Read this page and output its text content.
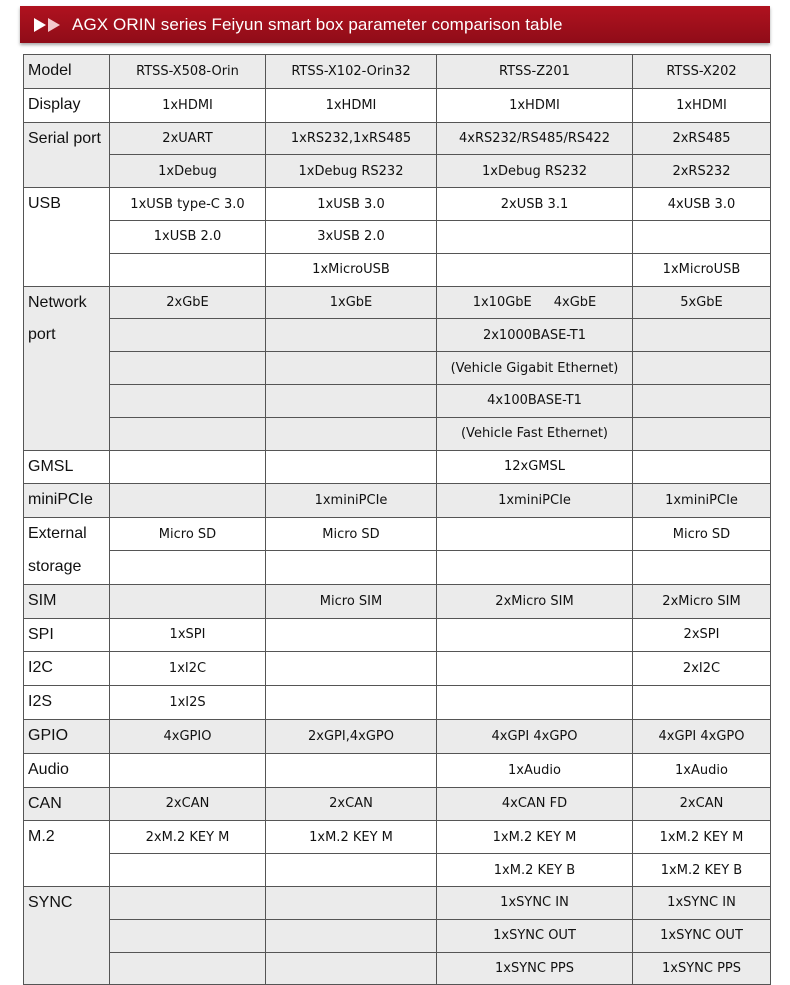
AGX ORIN series Feiyun smart box parameter comparison table
Model	RTSS-X508-Orin	RTSS-X102-Orin32	RTSS-Z201	RTSS-X202
Display	1xHDMI	1xHDMI	1xHDMI	1xHDMI
Serial port	2xUART	1xRS232,1xRS485	4xRS232/RS485/RS422	2xRS485
	1xDebug	1xDebug RS232	1xDebug RS232	2xRS232
USB	1xUSB type-C 3.0	1xUSB 3.0	2xUSB 3.1	4xUSB 3.0
	1xUSB 2.0	3xUSB 2.0		
		1xMicroUSB		1xMicroUSB
Network
port	2xGbE	1xGbE	1x10GbE 4xGbE	5xGbE
			2x1000BASE-T1	
			(Vehicle Gigabit Ethernet)	
			4x100BASE-T1	
			(Vehicle Fast Ethernet)	
GMSL			12xGMSL	
miniPCIe		1xminiPCIe	1xminiPCIe	1xminiPCIe
External
storage	Micro SD	Micro SD		Micro SD

SIM		Micro SIM	2xMicro SIM	2xMicro SIM
SPI	1xSPI			2xSPI
I2C	1xI2C			2xI2C
I2S	1xI2S			
GPIO	4xGPIO	2xGPI,4xGPO	4xGPI 4xGPO	4xGPI 4xGPO
Audio			1xAudio	1xAudio
CAN	2xCAN	2xCAN	4xCAN FD	2xCAN
M.2	2xM.2 KEY M	1xM.2 KEY M	1xM.2 KEY M	1xM.2 KEY M
			1xM.2 KEY B	1xM.2 KEY B
SYNC			1xSYNC IN	1xSYNC IN
			1xSYNC OUT	1xSYNC OUT
			1xSYNC PPS	1xSYNC PPS
